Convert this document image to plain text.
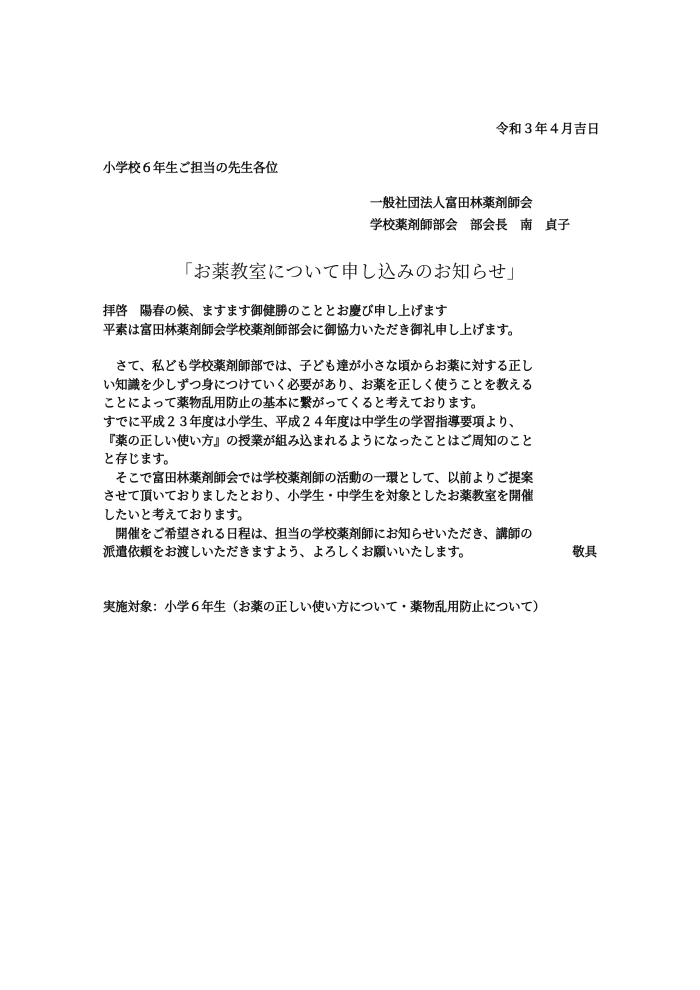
令和３年４月吉日
小学校６年生ご担当の先生各位
一般社団法人富田林薬剤師会
学校薬剤師部会　部会長　南　貞子
「お薬教室について申し込みのお知らせ」
拝啓　陽春の候、ますます御健勝のこととお慶び申し上げます
平素は富田林薬剤師会学校薬剤師部会に御協力いただき御礼申し上げます。
　さて、私ども学校薬剤師部では、子ども達が小さな頃からお薬に対する正し
い知識を少しずつ身につけていく必要があり、お薬を正しく使うことを教える
ことによって薬物乱用防止の基本に繋がってくると考えております。
すでに平成２３年度は小学生、平成２４年度は中学生の学習指導要項より、
『薬の正しい使い方』の授業が組み込まれるようになったことはご周知のこと
と存じます。
　そこで富田林薬剤師会では学校薬剤師の活動の一環として、以前よりご提案
させて頂いておりましたとおり、小学生・中学生を対象としたお薬教室を開催
したいと考えております。
　開催をご希望される日程は、担当の学校薬剤師にお知らせいただき、講師の
派遣依頼をお渡しいただきますよう、よろしくお願いいたします。	敬具
実施対象：小学６年生（お薬の正しい使い方について・薬物乱用防止について）
